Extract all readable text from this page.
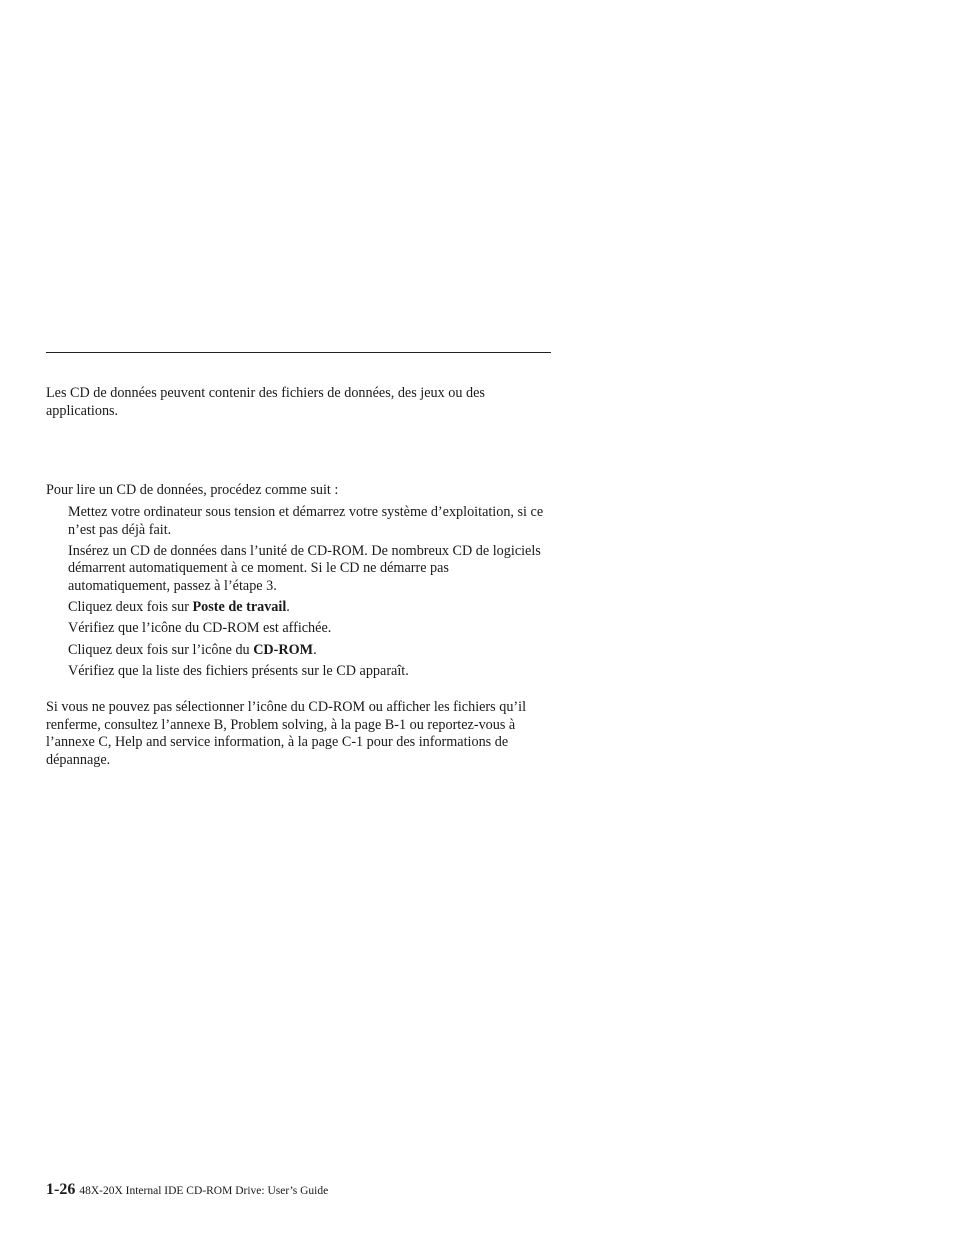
Les CD de données peuvent contenir des fichiers de données, des jeux ou des applications.

Pour lire un CD de données, procédez comme suit :

Mettez votre ordinateur sous tension et démarrez votre système d’exploitation, si ce n’est pas déjà fait.
Insérez un CD de données dans l’unité de CD-ROM. De nombreux CD de logiciels démarrent automatiquement à ce moment. Si le CD ne démarre pas automatiquement, passez à l’étape 3.
Cliquez deux fois sur Poste de travail.
Vérifiez que l’icône du CD-ROM est affichée.
Cliquez deux fois sur l’icône du CD-ROM.
Vérifiez que la liste des fichiers présents sur le CD apparaît.

Si vous ne pouvez pas sélectionner l’icône du CD-ROM ou afficher les fichiers qu’il renferme, consultez l’annexe B, Problem solving, à la page B-1 ou reportez-vous à l’annexe C, Help and service information, à la page C-1 pour des informations de dépannage.

1-26 48X-20X Internal IDE CD-ROM Drive: User’s Guide
